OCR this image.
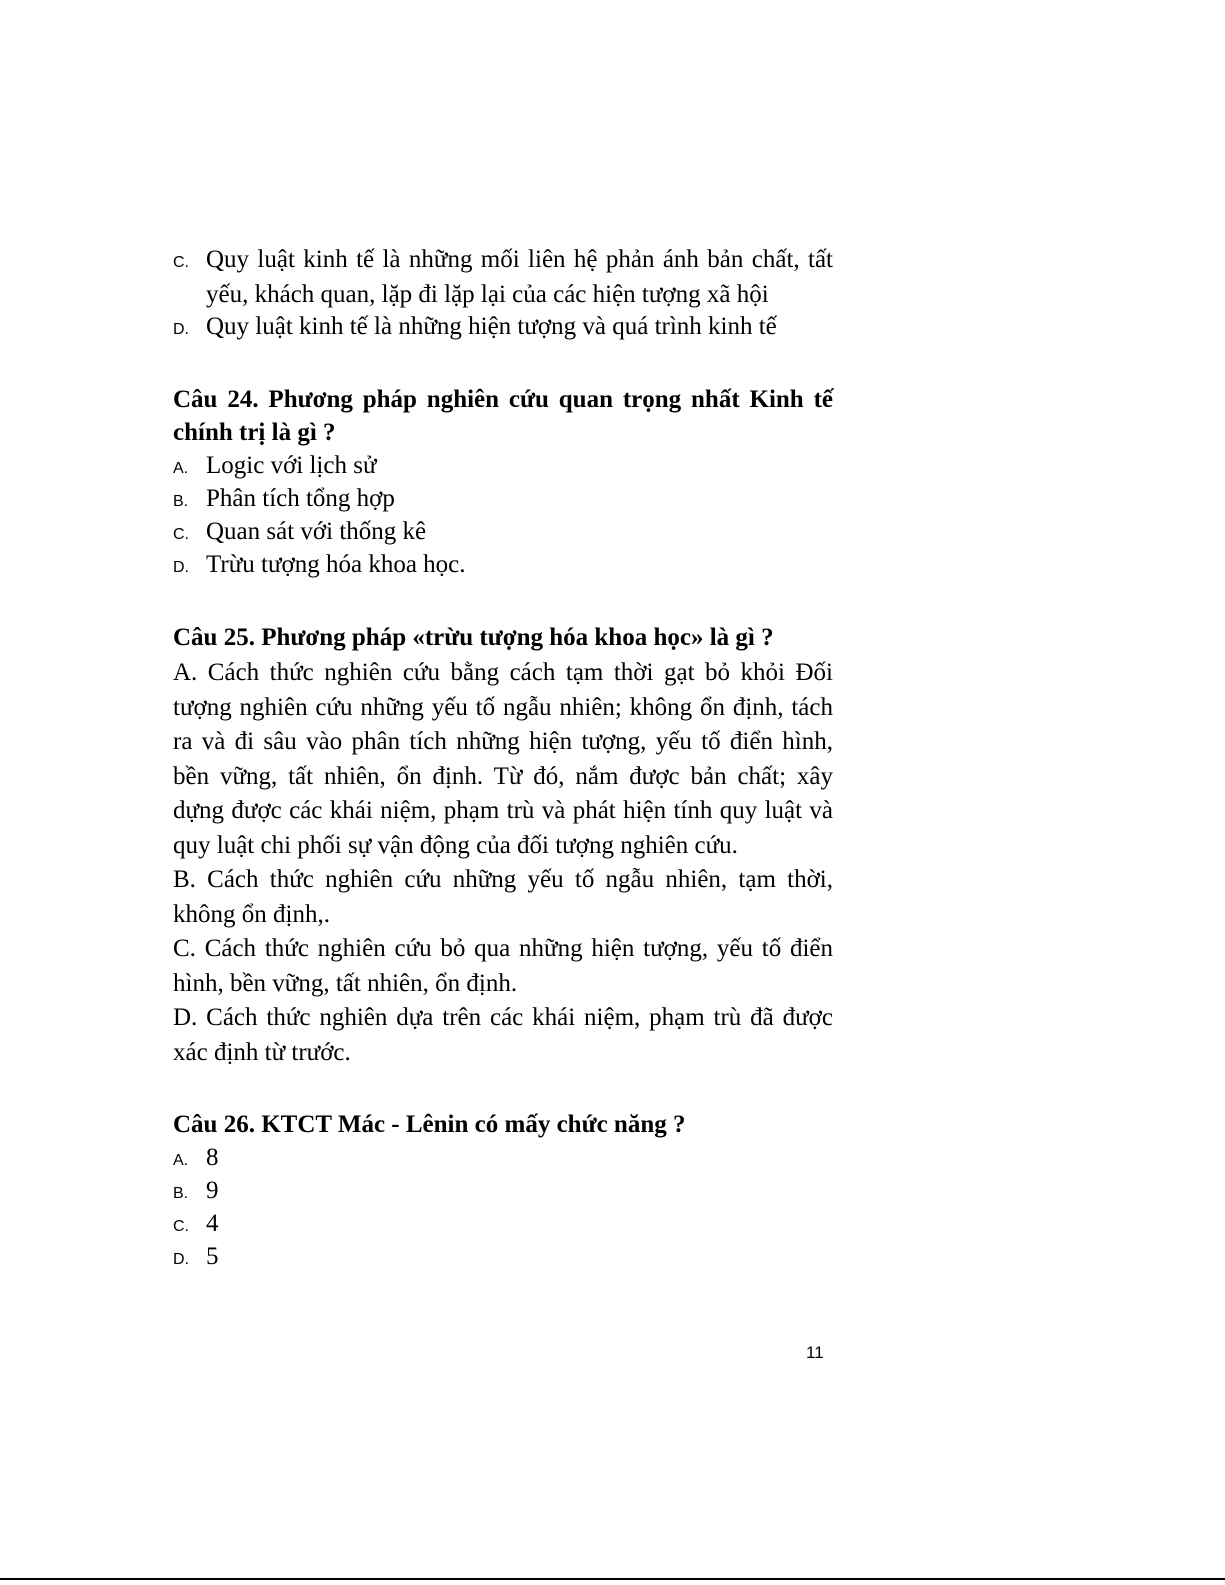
C. Quy luật kinh tế là những mối liên hệ phản ánh bản chất, tất yếu, khách quan, lặp đi lặp lại của các hiện tượng xã hội
D. Quy luật kinh tế là những hiện tượng và quá trình kinh tế
Câu 24. Phương pháp nghiên cứu quan trọng nhất Kinh tế chính trị là gì ?
A. Logic với lịch sử
B. Phân tích tổng hợp
C. Quan sát với thống kê
D. Trừu tượng hóa khoa học.
Câu 25. Phương pháp «trừu tượng hóa khoa học» là gì ?
A. Cách thức nghiên cứu bằng cách tạm thời gạt bỏ khỏi Đối tượng nghiên cứu những yếu tố ngẫu nhiên; không ổn định, tách ra và đi sâu vào phân tích những hiện tượng, yếu tố điển hình, bền vững, tất nhiên, ổn định. Từ đó, nắm được bản chất; xây dựng được các khái niệm, phạm trù và phát hiện tính quy luật và quy luật chi phối sự vận động của đối tượng nghiên cứu.
B. Cách thức nghiên cứu những yếu tố ngẫu nhiên, tạm thời, không ổn định,.
C. Cách thức nghiên cứu bỏ qua những hiện tượng, yếu tố điển hình, bền vững, tất nhiên, ổn định.
D. Cách thức nghiên dựa trên các khái niệm, phạm trù đã được xác định từ trước.
Câu 26. KTCT Mác - Lênin có mấy chức năng ?
A. 8
B. 9
C. 4
D. 5
11
